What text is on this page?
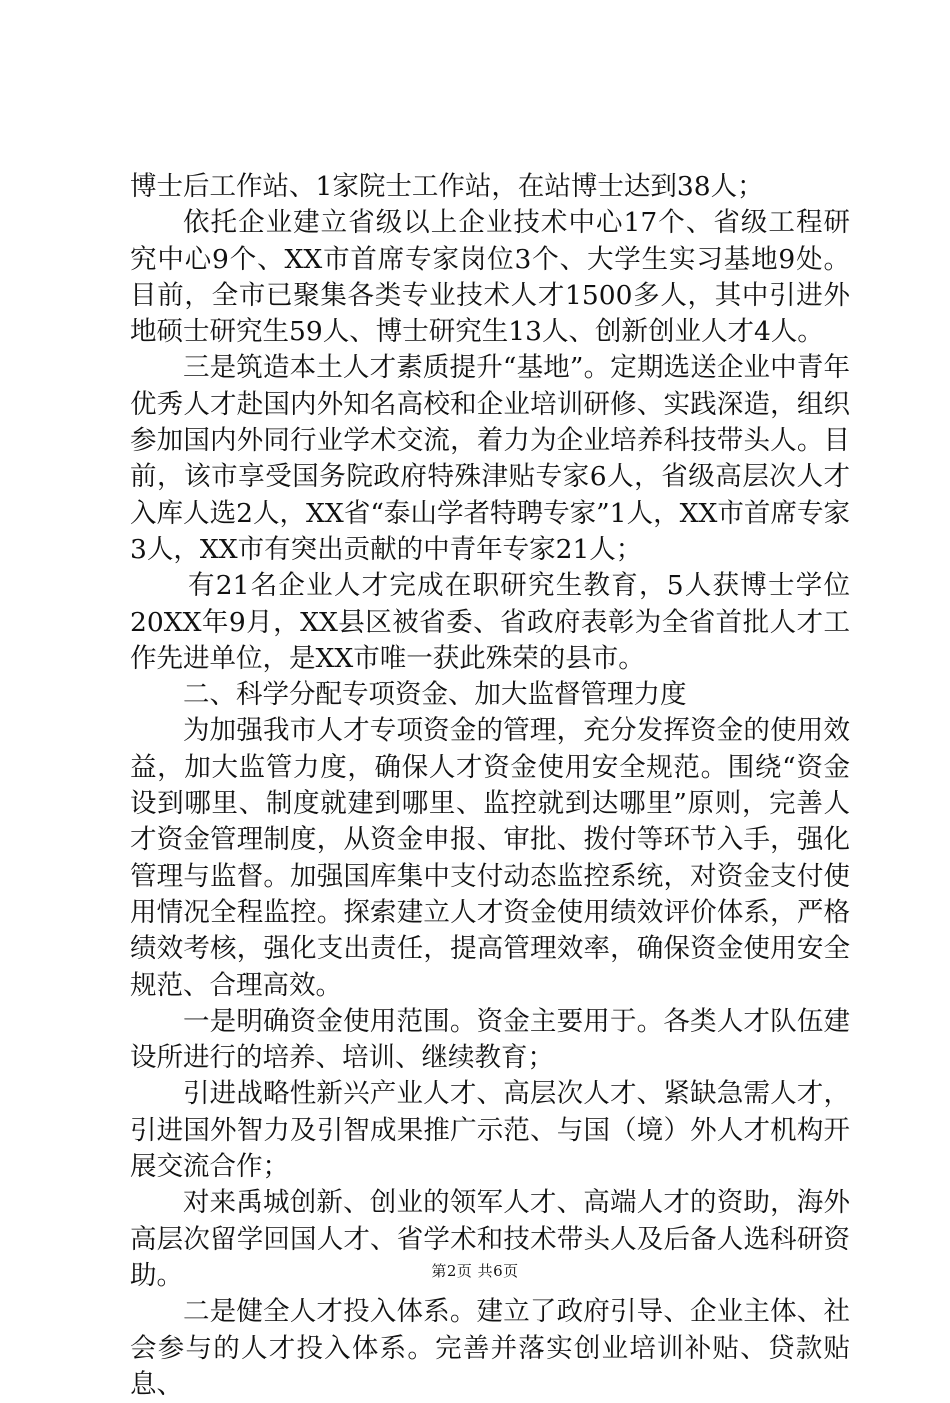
博士后工作站、1家院士工作站，在站博士达到38人；

依托企业建立省级以上企业技术中心17个、省级工程研究中心9个、XX市首席专家岗位3个、大学生实习基地9处。目前，全市已聚集各类专业技术人才1500多人，其中引进外地硕士研究生59人、博士研究生13人、创新创业人才4人。

三是筑造本土人才素质提升“基地”。定期选送企业中青年优秀人才赴国内外知名高校和企业培训研修、实践深造，组织参加国内外同行业学术交流，着力为企业培养科技带头人。目前，该市享受国务院政府特殊津贴专家6人，省级高层次人才入库人选2人，XX省“泰山学者特聘专家”1人，XX市首席专家3人，XX市有突出贡献的中青年专家21人；

有21名企业人才完成在职研究生教育，5人获博士学位20XX年9月，XX县区被省委、省政府表彰为全省首批人才工作先进单位，是XX市唯一获此殊荣的县市。

二、科学分配专项资金、加大监督管理力度

为加强我市人才专项资金的管理，充分发挥资金的使用效益，加大监管力度，确保人才资金使用安全规范。围绕“资金设到哪里、制度就建到哪里、监控就到达哪里”原则，完善人才资金管理制度，从资金申报、审批、拨付等环节入手，强化管理与监督。加强国库集中支付动态监控系统，对资金支付使用情况全程监控。探索建立人才资金使用绩效评价体系，严格绩效考核，强化支出责任，提高管理效率，确保资金使用安全规范、合理高效。

一是明确资金使用范围。资金主要用于。各类人才队伍建设所进行的培养、培训、继续教育；

引进战略性新兴产业人才、高层次人才、紧缺急需人才，引进国外智力及引智成果推广示范、与国（境）外人才机构开展交流合作；

对来禹城创新、创业的领军人才、高端人才的资助，海外高层次留学回国人才、省学术和技术带头人及后备人选科研资助。

二是健全人才投入体系。建立了政府引导、企业主体、社会参与的人才投入体系。完善并落实创业培训补贴、贷款贴息、

第2页 共6页
